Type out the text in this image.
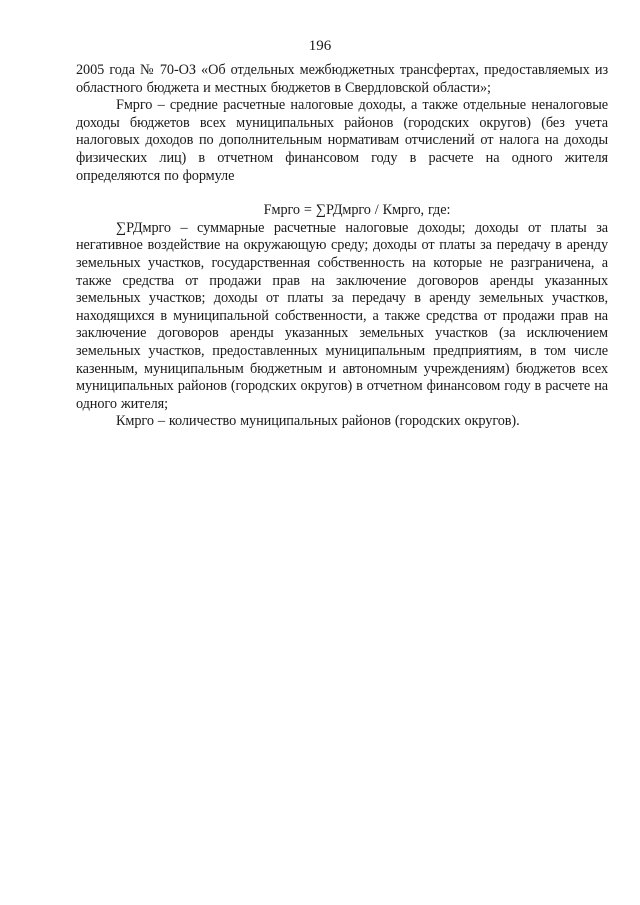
196

2005 года № 70-ОЗ «Об отдельных межбюджетных трансфертах, предоставляемых из областного бюджета и местных бюджетов в Свердловской области»;

Fмрго – средние расчетные налоговые доходы, а также отдельные неналоговые доходы бюджетов всех муниципальных районов (городских округов) (без учета налоговых доходов по дополнительным нормативам отчислений от налога на доходы физических лиц) в отчетном финансовом году в расчете на одного жителя определяются по формуле

Fмрго = ∑РДмрго / Кмрго, где:

∑РДмрго – суммарные расчетные налоговые доходы; доходы от платы за негативное воздействие на окружающую среду; доходы от платы за передачу в аренду земельных участков, государственная собственность на которые не разграничена, а также средства от продажи прав на заключение договоров аренды указанных земельных участков; доходы от платы за передачу в аренду земельных участков, находящихся в муниципальной собственности, а также средства от продажи прав на заключение договоров аренды указанных земельных участков (за исключением земельных участков, предоставленных муниципальным предприятиям, в том числе казенным, муниципальным бюджетным и автономным учреждениям) бюджетов всех муниципальных районов (городских округов) в отчетном финансовом году в расчете на одного жителя;

Кмрго – количество муниципальных районов (городских округов).
